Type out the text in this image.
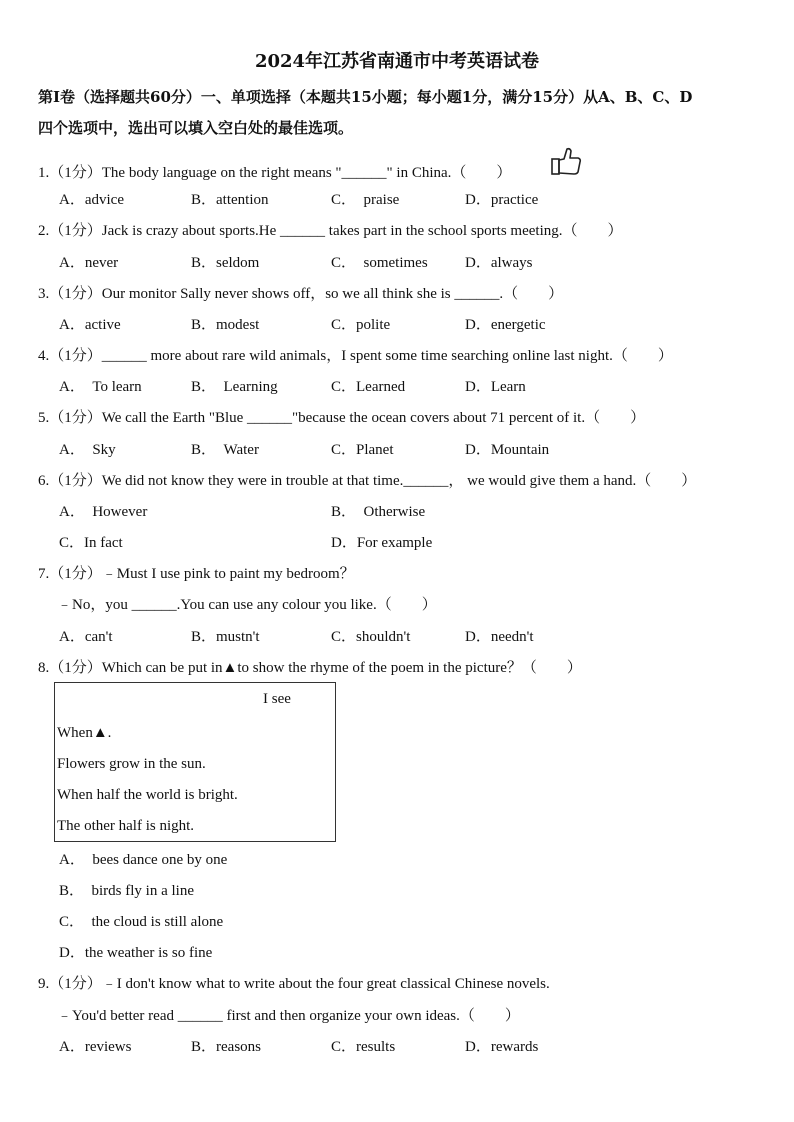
2024年江苏省南通市中考英语试卷
第Ⅰ卷（选择题共60分）一、单项选择（本题共15小题；每小题1分，满分15分）从A、B、C、D
四个选项中，选出可以填入空白处的最佳选项。
1.（1分）The body language on the right means "______" in China.（　　）
A．advice	B．attention	C．　praise	D．practice
2.（1分）Jack is crazy about sports.He ______ takes part in the school sports meeting.（　　）
A．never	B．seldom	C．　sometimes D．always
3.（1分）Our monitor Sally never shows off，so we all think she is ______.（　　）
A．active	B．modest	C．polite	D．energetic
4.（1分）______ more about rare wild animals，I spent some time searching online last night.（　　）
A．　To learn	B．　Learning	C．Learned	D．Learn
5.（1分）We call the Earth "Blue ______"because the ocean covers about 71 percent of it.（　　）
A．　Sky	B．　Water	C．Planet	D．Mountain
6.（1分）We did not know they were in trouble at that time.______， we would give them a hand.（　　）
A．　However	B．　Otherwise
C．In fact	D．For example
7.（1分）﹣Must I use pink to paint my bedroom？
﹣No，you ______.You can use any colour you like.（　　）
A．can't	B．mustn't	C．shouldn't	D．needn't
8.（1分）Which can be put in▲to show the rhyme of the poem in the picture？（　　）
I see
When▲.
Flowers grow in the sun.
When half the world is bright.
The other half is night.
A．　bees dance one by one
B．　birds fly in a line
C．　the cloud is still alone
D．the weather is so fine
9.（1分）﹣I don't know what to write about the four great classical Chinese novels.
﹣You'd better read ______ first and then organize your own ideas.（　　）
A．reviews	B．reasons	C．results	D．rewards
